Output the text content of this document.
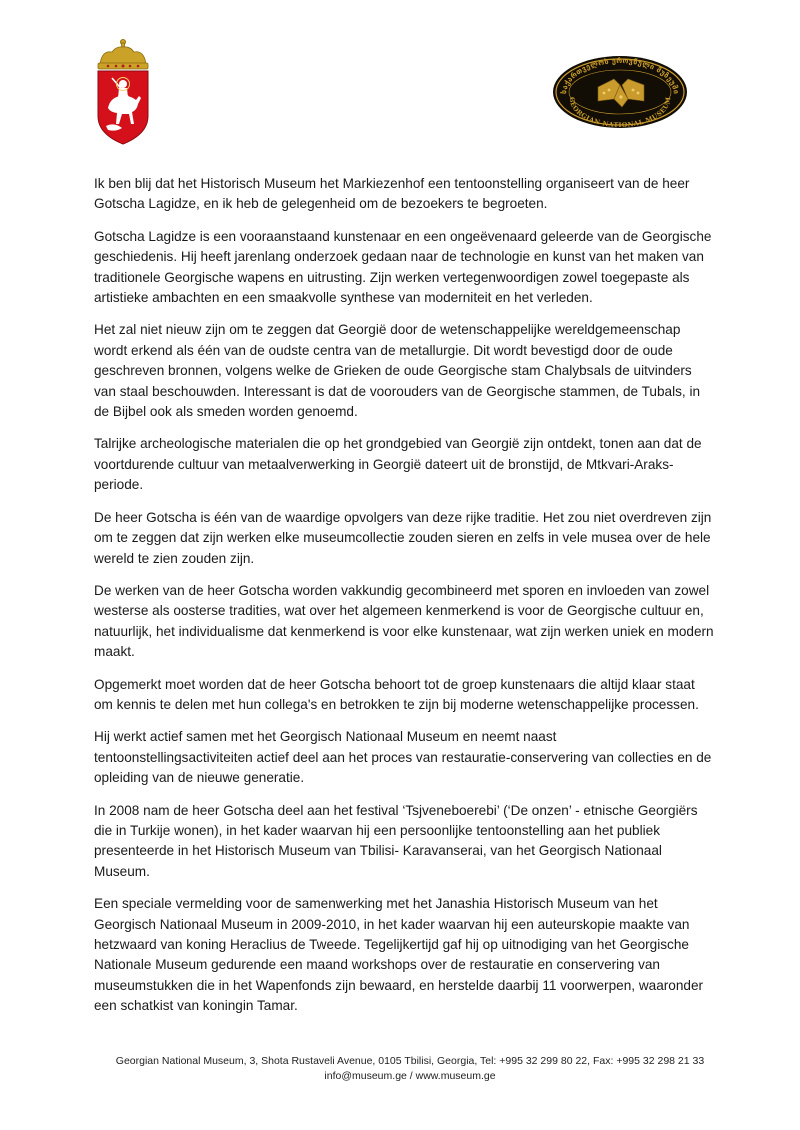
საქართველოს ეროვნული მუზეუმი
GEORGIAN NATIONAL MUSEUM

Ik ben blij dat het Historisch Museum het Markiezenhof een tentoonstelling organiseert van de heer Gotscha Lagidze, en ik heb de gelegenheid om de bezoekers te begroeten.

Gotscha Lagidze is een vooraanstaand kunstenaar en een ongeëvenaard geleerde van de Georgische geschiedenis. Hij heeft jarenlang onderzoek gedaan naar de technologie en kunst van het maken van traditionele Georgische wapens en uitrusting. Zijn werken vertegenwoordigen zowel toegepaste als artistieke ambachten en een smaakvolle synthese van moderniteit en het verleden.

Het zal niet nieuw zijn om te zeggen dat Georgië door de wetenschappelijke wereldgemeenschap wordt erkend als één van de oudste centra van de metallurgie. Dit wordt bevestigd door de oude geschreven bronnen, volgens welke de Grieken de oude Georgische stam Chalybsals de uitvinders van staal beschouwden. Interessant is dat de voorouders van de Georgische stammen, de Tubals, in de Bijbel ook als smeden worden genoemd.

Talrijke archeologische materialen die op het grondgebied van Georgië zijn ontdekt, tonen aan dat de voortdurende cultuur van metaalverwerking in Georgië dateert uit de bronstijd, de Mtkvari-Araks-periode.

De heer Gotscha is één van de waardige opvolgers van deze rijke traditie. Het zou niet overdreven zijn om te zeggen dat zijn werken elke museumcollectie zouden sieren en zelfs in vele musea over de hele wereld te zien zouden zijn.

De werken van de heer Gotscha worden vakkundig gecombineerd met sporen en invloeden van zowel westerse als oosterse tradities, wat over het algemeen kenmerkend is voor de Georgische cultuur en, natuurlijk, het individualisme dat kenmerkend is voor elke kunstenaar, wat zijn werken uniek en modern maakt.

Opgemerkt moet worden dat de heer Gotscha behoort tot de groep kunstenaars die altijd klaar staat om kennis te delen met hun collega's en betrokken te zijn bij moderne wetenschappelijke processen.

Hij werkt actief samen met het Georgisch Nationaal Museum en neemt naast tentoonstellingsactiviteiten actief deel aan het proces van restauratie-conservering van collecties en de opleiding van de nieuwe generatie.

In 2008 nam de heer Gotscha deel aan het festival ‘Tsjveneboerebi’ (‘De onzen’ - etnische Georgiërs die in Turkije wonen), in het kader waarvan hij een persoonlijke tentoonstelling aan het publiek presenteerde in het Historisch Museum van Tbilisi- Karavanserai, van het Georgisch Nationaal Museum.

Een speciale vermelding voor de samenwerking met het Janashia Historisch Museum van het Georgisch Nationaal Museum in 2009-2010, in het kader waarvan hij een auteurskopie maakte van hetzwaard van koning Heraclius de Tweede. Tegelijkertijd gaf hij op uitnodiging van het Georgische Nationale Museum gedurende een maand workshops over de restauratie en conservering van museumstukken die in het Wapenfonds zijn bewaard, en herstelde daarbij 11 voorwerpen, waaronder een schatkist van koningin Tamar.

Georgian National Museum, 3, Shota Rustaveli Avenue, 0105 Tbilisi, Georgia, Tel: +995 32 299 80 22, Fax: +995 32 298 21 33
info@museum.ge / www.museum.ge
